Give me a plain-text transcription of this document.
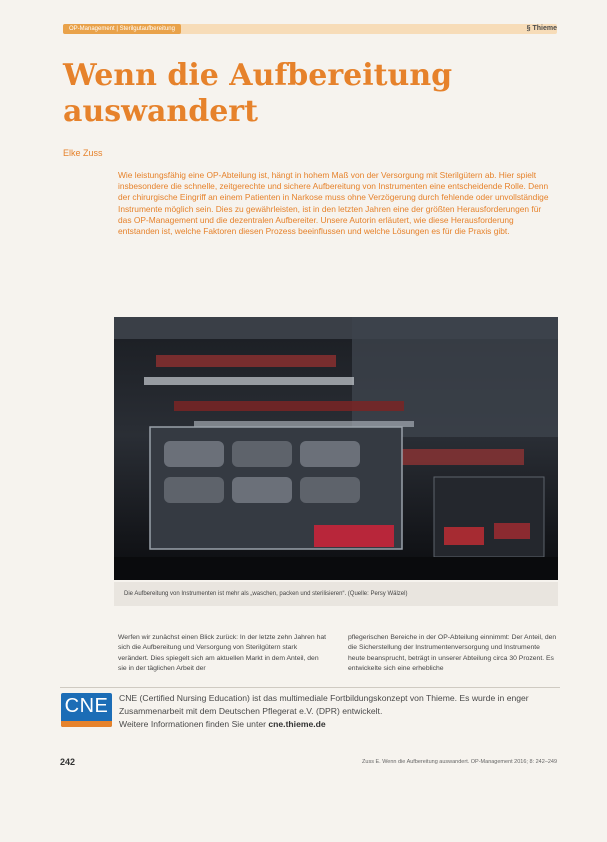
OP-Management | Sterilgutaufbereitung	§ Thieme
Wenn die Aufbereitung
auswandert
Elke Zuss

Wie leistungsfähig eine OP-Abteilung ist, hängt in hohem Maß von der Versorgung mit Sterilgütern ab. Hier spielt insbesondere die schnelle, zeitgerechte und sichere Aufbereitung von Instrumenten eine entscheidende Rolle. Denn der chirurgische Eingriff an einem Patienten in Narkose muss ohne Verzögerung durch fehlende oder unvollständige Instrumente möglich sein. Dies zu gewährleisten, ist in den letzten Jahren eine der größten Herausforderungen für das OP-Management und die dezentralen Aufbereiter. Unsere Autorin erläutert, wie diese Herausforderung entstanden ist, welche Faktoren diesen Prozess beeinflussen und welche Lösungen es für die Praxis gibt.

Die Aufbereitung von Instrumenten ist mehr als „waschen, packen und sterilisieren“. (Quelle: Persy Wälzel)

Werfen wir zunächst einen Blick zurück: In der letzte zehn Jahren hat sich die Aufbereitung und Versorgung von Sterilgütern stark verändert. Dies spiegelt sich am aktuellen Markt in dem Anteil, den sie in der täglichen Arbeit der

pflegerischen Bereiche in der OP-Abteilung einnimmt: Der Anteil, den die Sicherstellung der Instrumentenversorgung und Instrumente heute beansprucht, beträgt in unserer Abteilung circa 30 Prozent. Es entwickelte sich eine erhebliche

CNE	CNE (Certified Nursing Education) ist das multimediale Fortbildungskonzept von Thieme. Es wurde in enger Zusammenarbeit mit dem Deutschen Pflegerat e.V. (DPR) entwickelt.
Weitere Informationen finden Sie unter cne.thieme.de

242	Zuss E. Wenn die Aufbereitung auswandert. OP-Management 2016; 8: 242–249
